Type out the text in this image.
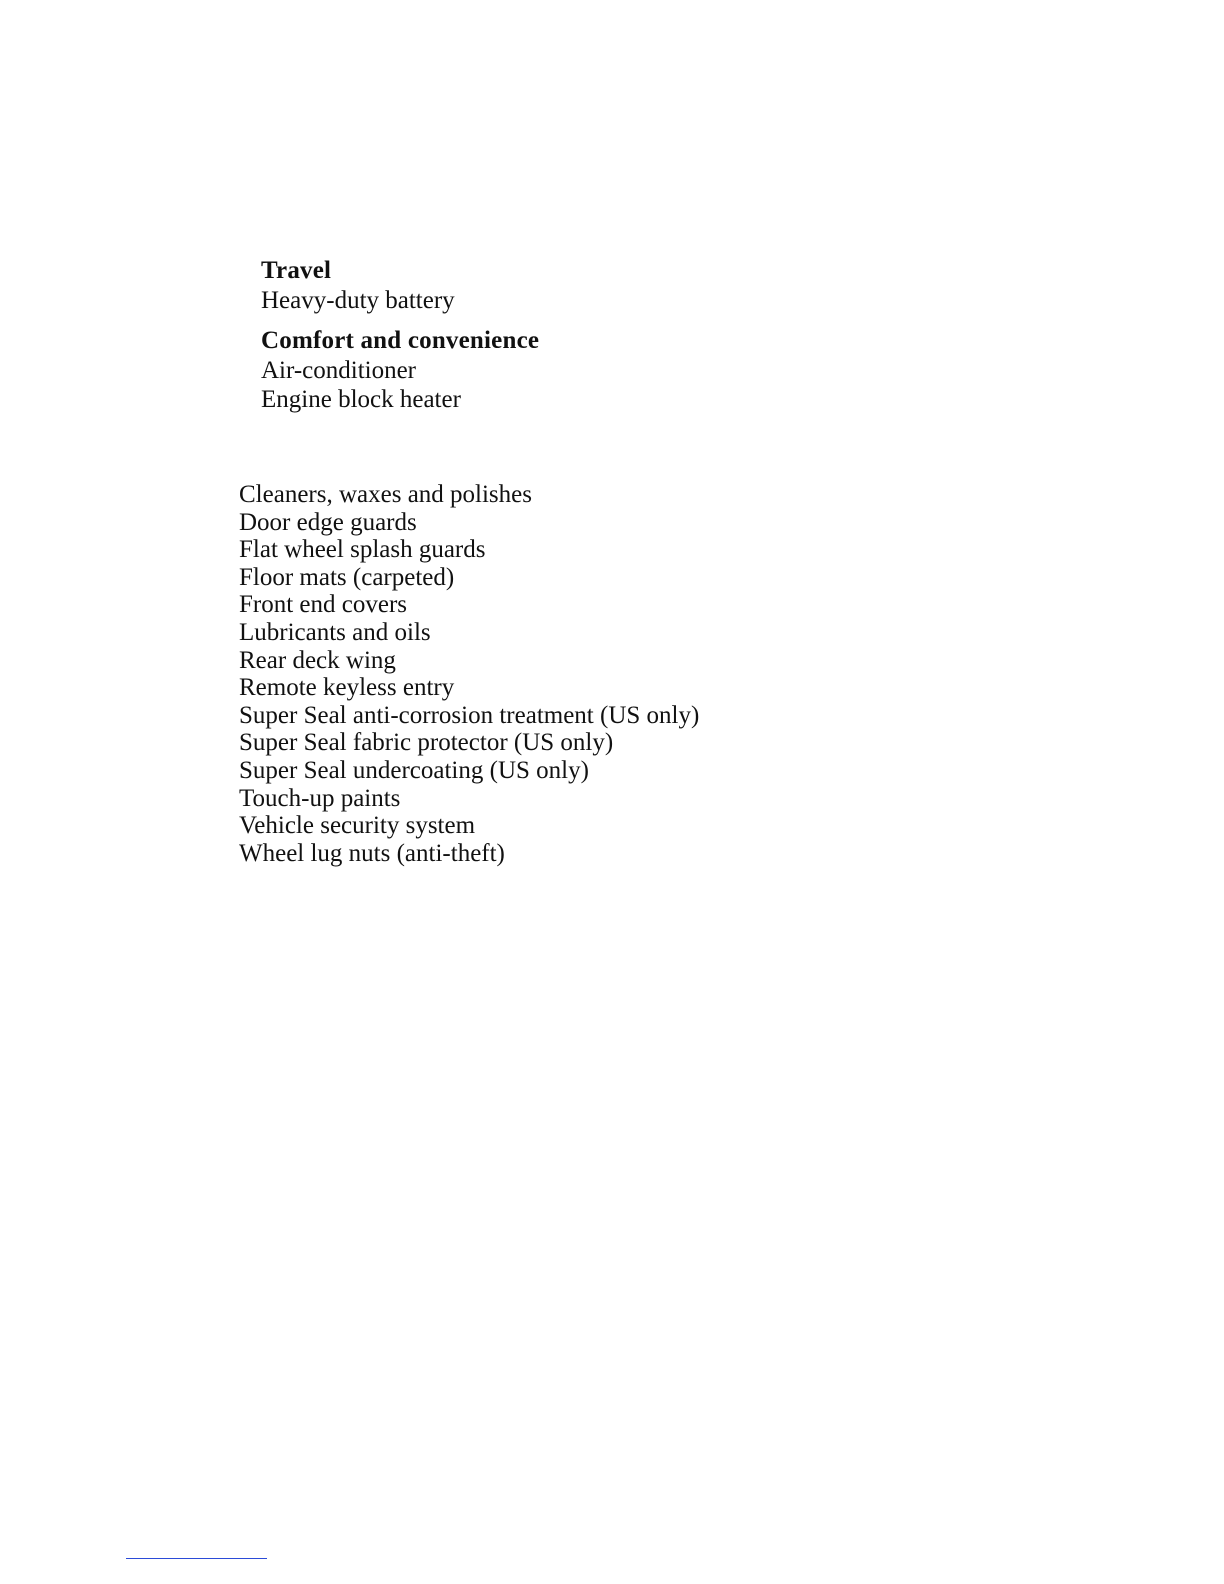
Travel
Heavy-duty battery
Comfort and convenience
Air-conditioner
Engine block heater
Cleaners, waxes and polishes
Door edge guards
Flat wheel splash guards
Floor mats (carpeted)
Front end covers
Lubricants and oils
Rear deck wing
Remote keyless entry
Super Seal anti-corrosion treatment (US only)
Super Seal fabric protector (US only)
Super Seal undercoating (US only)
Touch-up paints
Vehicle security system
Wheel lug nuts (anti-theft)
